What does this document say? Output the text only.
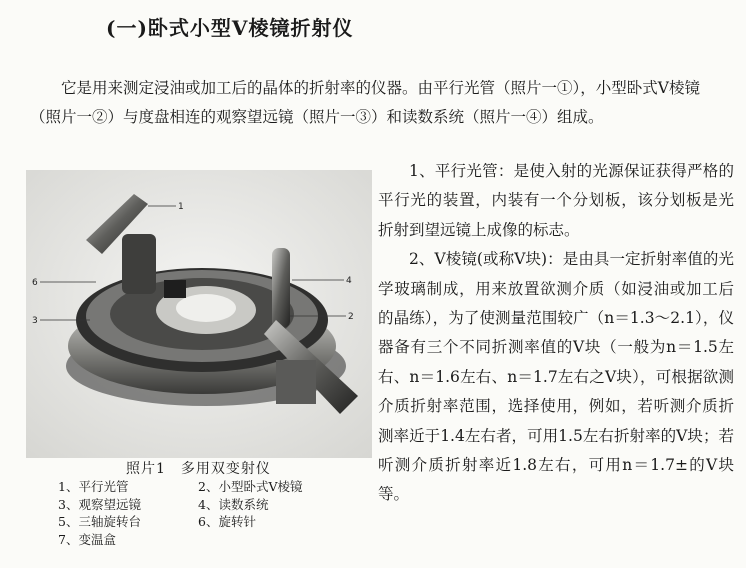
(一)卧式小型V棱镜折射仪

它是用来测定浸油或加工后的晶体的折射率的仪器。由平行光管（照片一①），小型卧式V棱镜（照片一②）与度盘相连的观察望远镜（照片一③）和读数系统（照片一④）组成。

1
2
4
6
3
照片1　多用双变射仪
1、平行光管	2、小型卧式V棱镜
3、观察望远镜	4、读数系统
5、三轴旋转台	6、旋转针
7、变温盒

1、平行光管：是使入射的光源保证获得严格的平行光的装置，内装有一个分划板，该分划板是光折射到望远镜上成像的标志。

2、V棱镜(或称V块)：是由具一定折射率值的光学玻璃制成，用来放置欲测介质（如浸油或加工后的晶练），为了使测量范围较广（n＝1.3～2.1），仪器备有三个不同折测率值的V块（一般为n＝1.5左右、n＝1.6左右、n＝1.7左右之V块），可根据欲测介质折射率范围，选择使用，例如，若听测介质折测率近于1.4左右者，可用1.5左右折射率的V块；若听测介质折射率近1.8左右，可用n＝1.7±的V块等。
